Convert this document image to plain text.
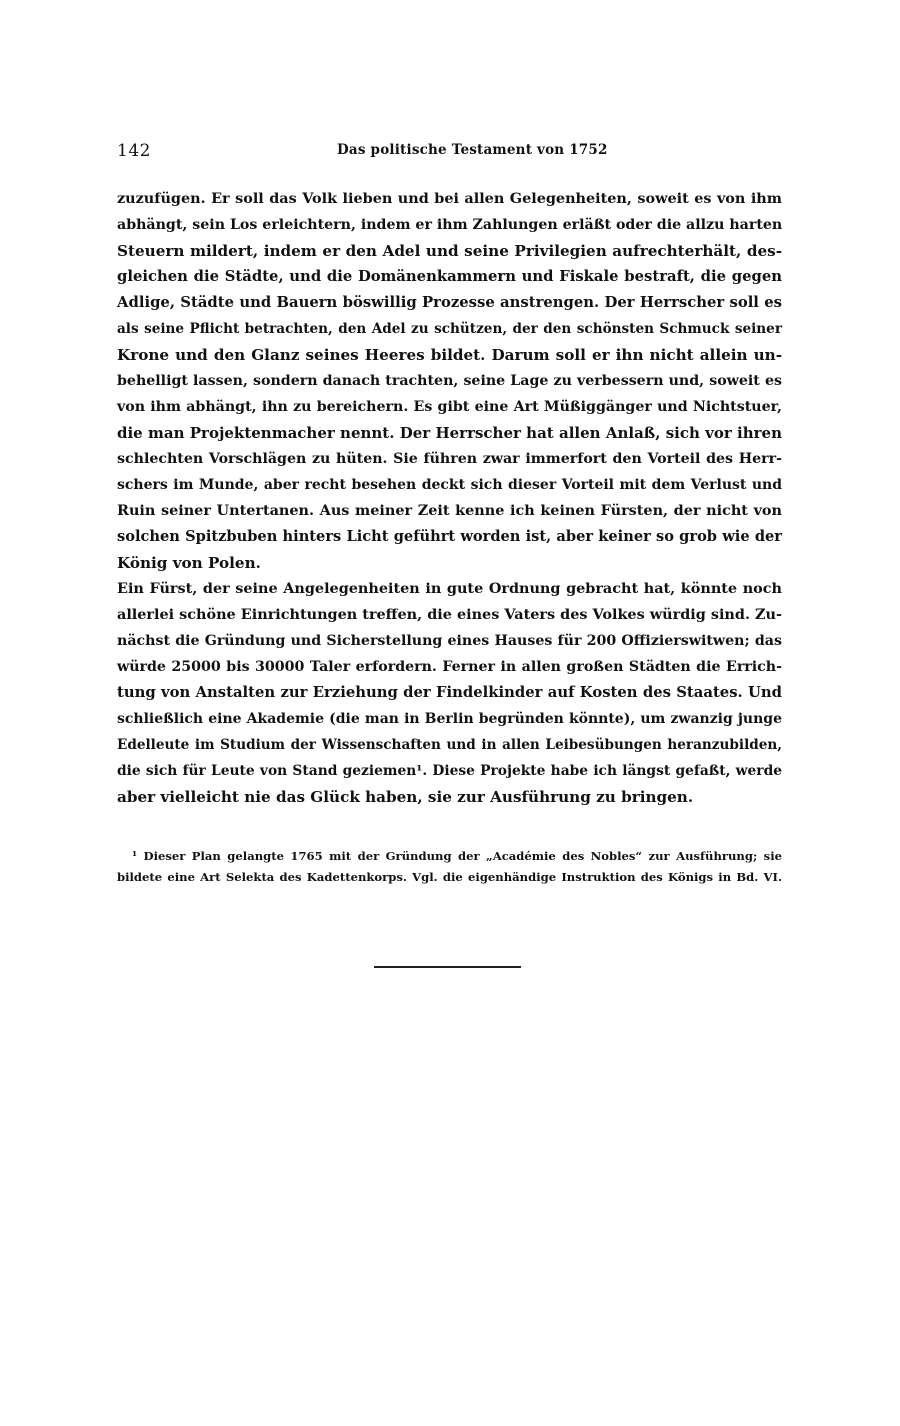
142	Das politische Testament von 1752
zuzufügen. Er soll das Volk lieben und bei allen Gelegenheiten, soweit es von ihm
abhängt, sein Los erleichtern, indem er ihm Zahlungen erläßt oder die allzu harten
Steuern mildert, indem er den Adel und seine Privilegien aufrechterhält, des-
gleichen die Städte, und die Domänenkammern und Fiskale bestraft, die gegen
Adlige, Städte und Bauern böswillig Prozesse anstrengen. Der Herrscher soll es
als seine Pflicht betrachten, den Adel zu schützen, der den schönsten Schmuck seiner
Krone und den Glanz seines Heeres bildet. Darum soll er ihn nicht allein un-
behelligt lassen, sondern danach trachten, seine Lage zu verbessern und, soweit es
von ihm abhängt, ihn zu bereichern. Es gibt eine Art Müßiggänger und Nichtstuer,
die man Projektenmacher nennt. Der Herrscher hat allen Anlaß, sich vor ihren
schlechten Vorschlägen zu hüten. Sie führen zwar immerfort den Vorteil des Herr-
schers im Munde, aber recht besehen deckt sich dieser Vorteil mit dem Verlust und
Ruin seiner Untertanen. Aus meiner Zeit kenne ich keinen Fürsten, der nicht von
solchen Spitzbuben hinters Licht geführt worden ist, aber keiner so grob wie der
König von Polen.
Ein Fürst, der seine Angelegenheiten in gute Ordnung gebracht hat, könnte noch
allerlei schöne Einrichtungen treffen, die eines Vaters des Volkes würdig sind. Zu-
nächst die Gründung und Sicherstellung eines Hauses für 200 Offizierswitwen; das
würde 25000 bis 30000 Taler erfordern. Ferner in allen großen Städten die Errich-
tung von Anstalten zur Erziehung der Findelkinder auf Kosten des Staates. Und
schließlich eine Akademie (die man in Berlin begründen könnte), um zwanzig junge
Edelleute im Studium der Wissenschaften und in allen Leibesübungen heranzubilden,
die sich für Leute von Stand geziemen¹. Diese Projekte habe ich längst gefaßt, werde
aber vielleicht nie das Glück haben, sie zur Ausführung zu bringen.
¹ Dieser Plan gelangte 1765 mit der Gründung der „Académie des Nobles“ zur Ausführung; sie
bildete eine Art Selekta des Kadettenkorps. Vgl. die eigenhändige Instruktion des Königs in Bd. VI.
